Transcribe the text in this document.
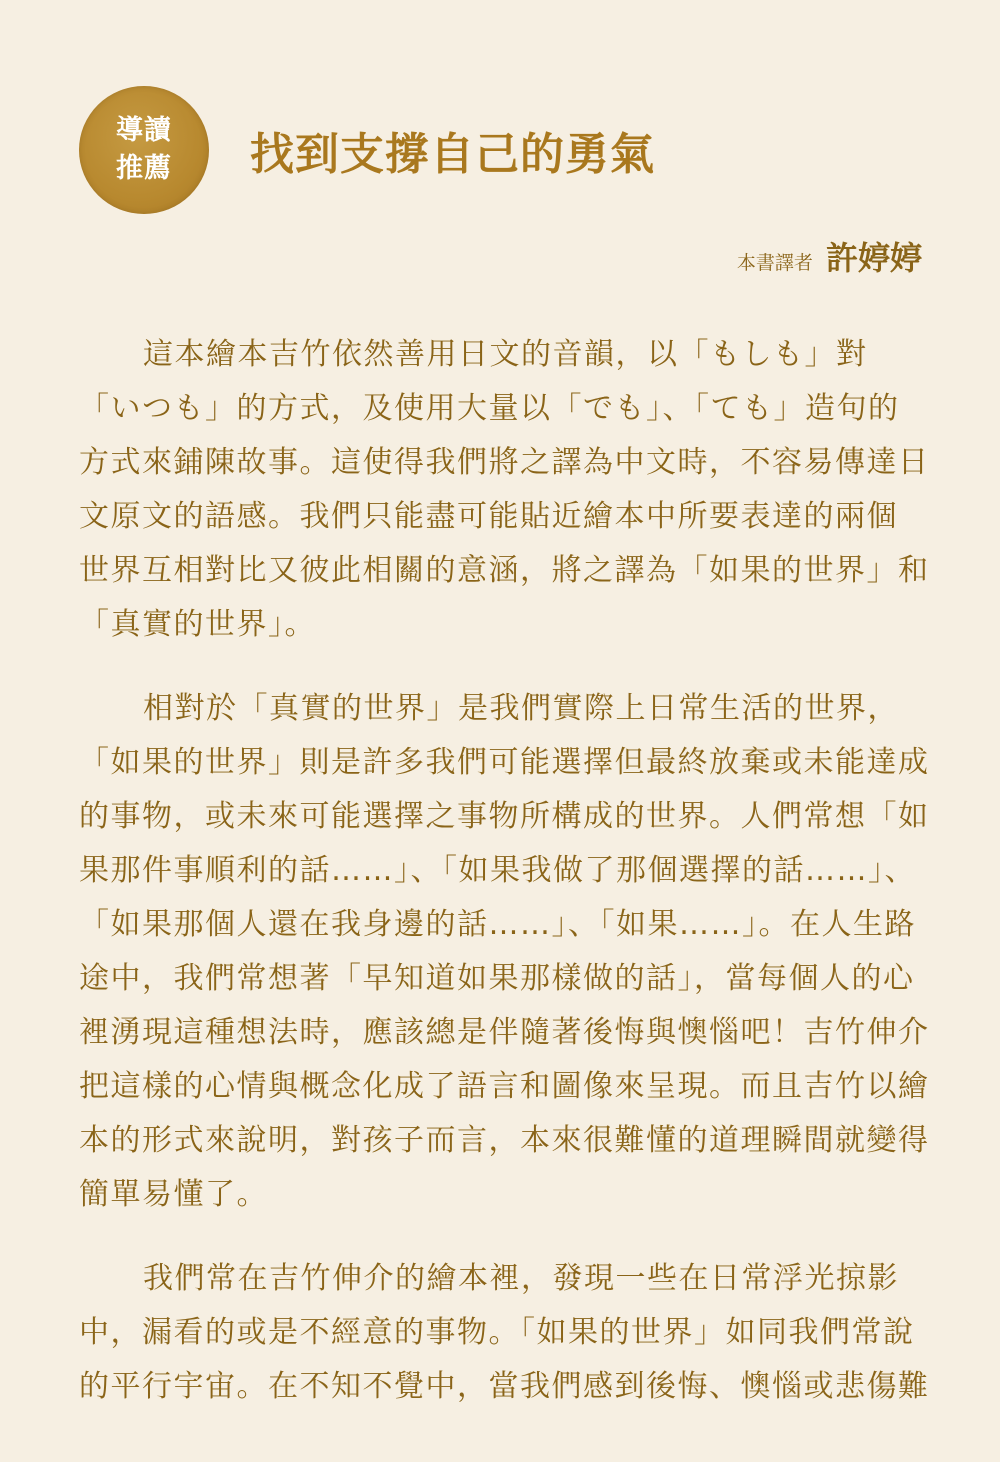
導讀
推薦 找到支撐自己的勇氣
本書譯者 許婷婷
這本繪本吉竹依然善用日文的音韻，以「もしも」對
「いつも」的方式，及使用大量以「でも」、「ても」造句的
方式來鋪陳故事。這使得我們將之譯為中文時，不容易傳達日
文原文的語感。我們只能盡可能貼近繪本中所要表達的兩個
世界互相對比又彼此相關的意涵，將之譯為「如果的世界」和
「真實的世界」。
相對於「真實的世界」是我們實際上日常生活的世界，
「如果的世界」則是許多我們可能選擇但最終放棄或未能達成
的事物，或未來可能選擇之事物所構成的世界。人們常想「如
果那件事順利的話……」、「如果我做了那個選擇的話……」、
「如果那個人還在我身邊的話……」、「如果……」。在人生路
途中，我們常想著「早知道如果那樣做的話」，當每個人的心
裡湧現這種想法時，應該總是伴隨著後悔與懊惱吧！吉竹伸介
把這樣的心情與概念化成了語言和圖像來呈現。而且吉竹以繪
本的形式來說明，對孩子而言，本來很難懂的道理瞬間就變得
簡單易懂了。
我們常在吉竹伸介的繪本裡，發現一些在日常浮光掠影
中，漏看的或是不經意的事物。「如果的世界」如同我們常說
的平行宇宙。在不知不覺中，當我們感到後悔、懊惱或悲傷難
